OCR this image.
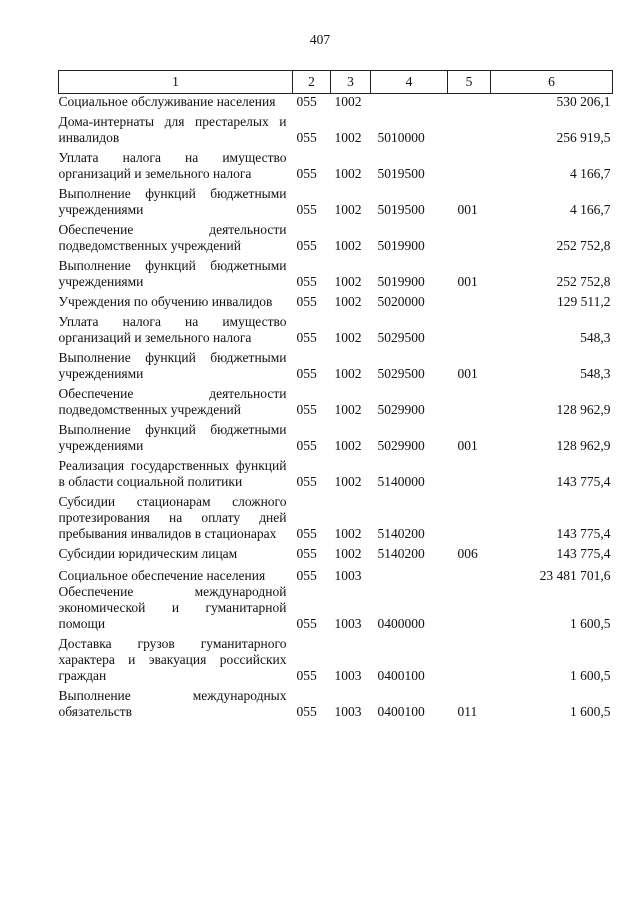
407
1	2	3	4	5	6
Социальное обслуживание населения	055	1002			530 206,1
Дома-интернаты для престарелых и инвалидов	055	1002	5010000		256 919,5
Уплата налога на имущество организаций и земельного налога	055	1002	5019500		4 166,7
Выполнение функций бюджетными учреждениями	055	1002	5019500	001	4 166,7
Обеспечение деятельности подведомственных учреждений	055	1002	5019900		252 752,8
Выполнение функций бюджетными учреждениями	055	1002	5019900	001	252 752,8
Учреждения по обучению инвалидов	055	1002	5020000		129 511,2
Уплата налога на имущество организаций и земельного налога	055	1002	5029500		548,3
Выполнение функций бюджетными учреждениями	055	1002	5029500	001	548,3
Обеспечение деятельности подведомственных учреждений	055	1002	5029900		128 962,9
Выполнение функций бюджетными учреждениями	055	1002	5029900	001	128 962,9
Реализация государственных функций в области социальной политики	055	1002	5140000		143 775,4
Субсидии стационарам сложного протезирования на оплату дней пребывания инвалидов в стационарах	055	1002	5140200		143 775,4
Субсидии юридическим лицам	055	1002	5140200	006	143 775,4
Социальное обеспечение населения	055	1003			23 481 701,6
Обеспечение международной экономической и гуманитарной помощи	055	1003	0400000		1 600,5
Доставка грузов гуманитарного характера и эвакуация российских граждан	055	1003	0400100		1 600,5
Выполнение международных обязательств	055	1003	0400100	011	1 600,5
